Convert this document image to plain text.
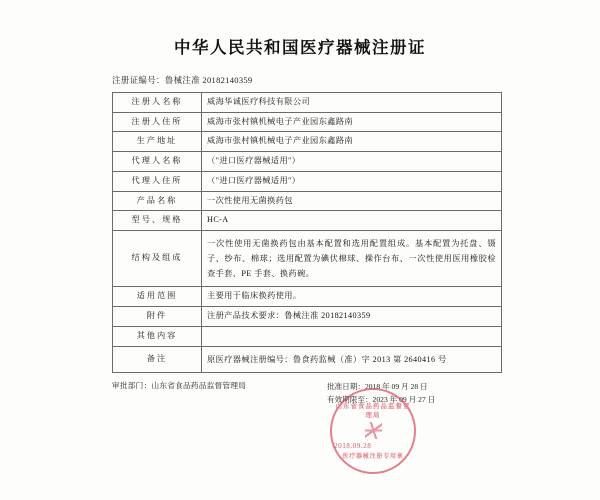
中华人民共和国医疗器械注册证
注册证编号：鲁械注准 20182140359
注册人名称	威海华诚医疗科技有限公司
注册人住所	威海市张村镇机械电子产业园东鑫路南
生产地址	威海市张村镇机械电子产业园东鑫路南
代理人名称	（"进口医疗器械适用"）
代理人住所	（"进口医疗器械适用"）
产品名称	一次性使用无菌换药包
型号、规格	HC-A
结构及组成	一次性使用无菌换药包由基本配置和选用配置组成。基本配置为托盘、镊子、纱布、棉球；选用配置为碘伏棉球、操作台布、一次性使用医用橡胶检查手套、PE 手套、换药碗。
适用范围	主要用于临床换药使用。
附件	注册产品技术要求：鲁械注准 20182140359
其他内容	
备注	原医疗器械注册编号：鲁食药监械（准）字 2013 第 2640416 号
审批部门：山东省食品药品监督管理局	批准日期：2018 年 09 月 28 日
有效期限至：2023 年 09 月 27 日
山东省食品药品监督管理局
医疗器械注册专用章
2018.09.28
